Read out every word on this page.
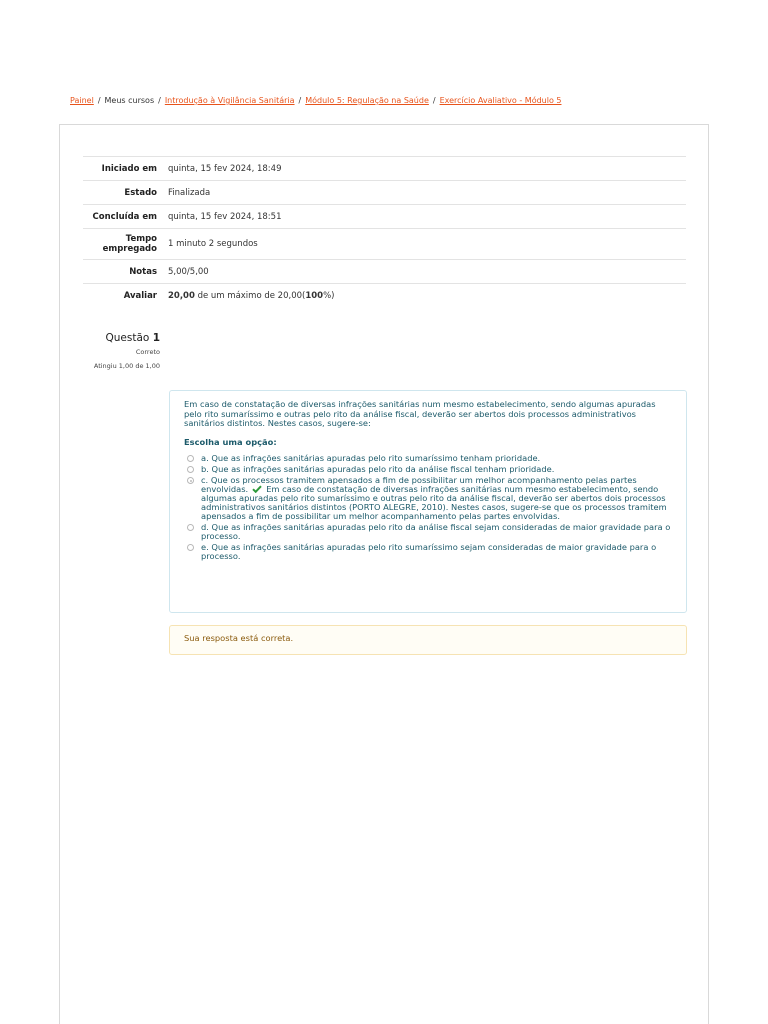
Painel / Meus cursos / Introdução à Vigilância Sanitária / Módulo 5: Regulação na Saúde / Exercício Avaliativo - Módulo 5
Iniciado em	quinta, 15 fev 2024, 18:49
Estado	Finalizada
Concluída em	quinta, 15 fev 2024, 18:51
Tempo
empregado	1 minuto 2 segundos
Notas	5,00/5,00
Avaliar	20,00 de um máximo de 20,00(100%)
Questão 1
Correto
Atingiu 1,00 de 1,00
Em caso de constatação de diversas infrações sanitárias num mesmo estabelecimento, sendo algumas apuradas pelo rito sumaríssimo e outras pelo rito da análise fiscal, deverão ser abertos dois processos administrativos sanitários distintos. Nestes casos, sugere-se:
Escolha uma opção:
a. Que as infrações sanitárias apuradas pelo rito sumaríssimo tenham prioridade.
b. Que as infrações sanitárias apuradas pelo rito da análise fiscal tenham prioridade.
c. Que os processos tramitem apensados a fim de possibilitar um melhor acompanhamento pelas partes envolvidas. Em caso de constatação de diversas infrações sanitárias num mesmo estabelecimento, sendo algumas apuradas pelo rito sumaríssimo e outras pelo rito da análise fiscal, deverão ser abertos dois processos administrativos sanitários distintos (PORTO ALEGRE, 2010). Nestes casos, sugere-se que os processos tramitem apensados a fim de possibilitar um melhor acompanhamento pelas partes envolvidas.
d. Que as infrações sanitárias apuradas pelo rito da análise fiscal sejam consideradas de maior gravidade para o processo.
e. Que as infrações sanitárias apuradas pelo rito sumaríssimo sejam consideradas de maior gravidade para o processo.
Sua resposta está correta.
